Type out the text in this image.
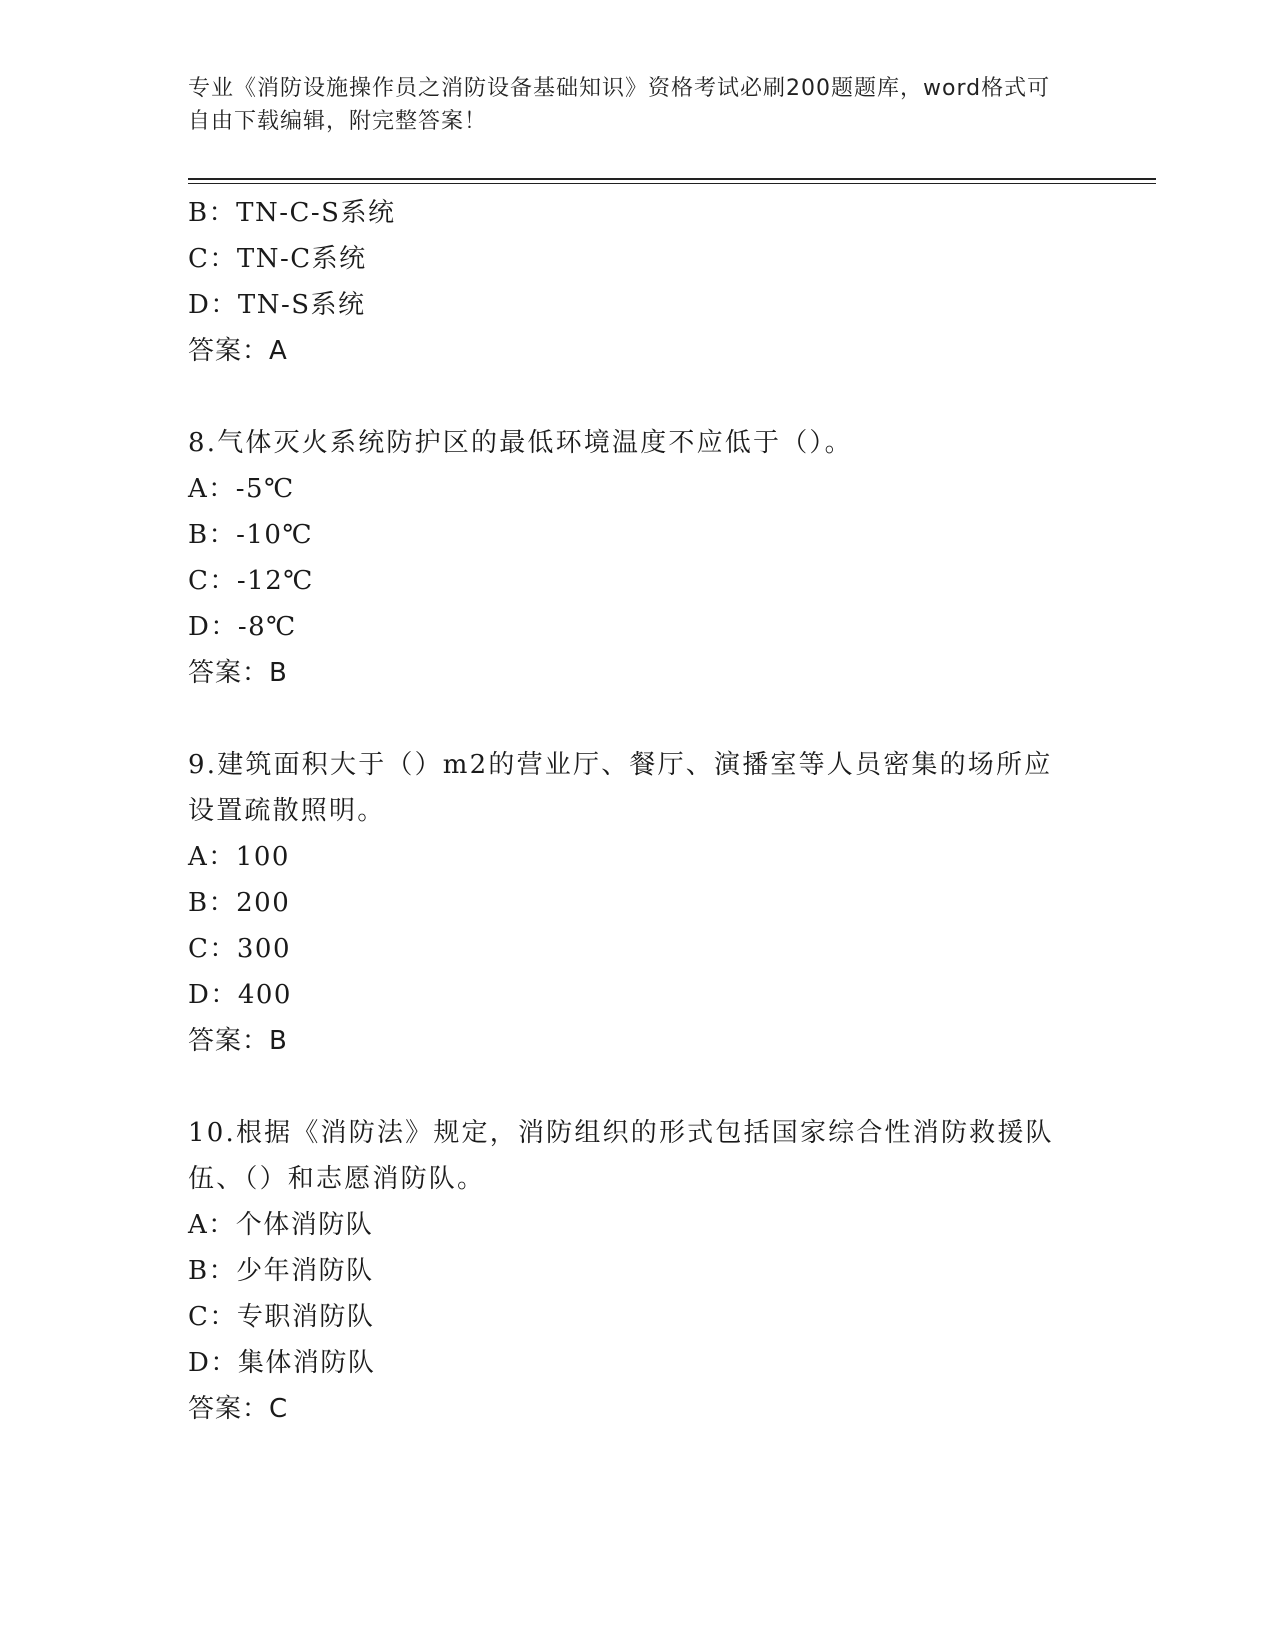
专业《消防设施操作员之消防设备基础知识》资格考试必刷200题题库，word格式可自由下载编辑，附完整答案！
B：TN-C-S系统
C：TN-C系统
D：TN-S系统
答案：A
8.气体灭火系统防护区的最低环境温度不应低于（）。
A：-5℃
B：-10℃
C：-12℃
D：-8℃
答案：B
9.建筑面积大于（）m2的营业厅、餐厅、演播室等人员密集的场所应设置疏散照明。
A：100
B：200
C：300
D：400
答案：B
10.根据《消防法》规定，消防组织的形式包括国家综合性消防救援队伍、（）和志愿消防队。
A：个体消防队
B：少年消防队
C：专职消防队
D：集体消防队
答案：C
